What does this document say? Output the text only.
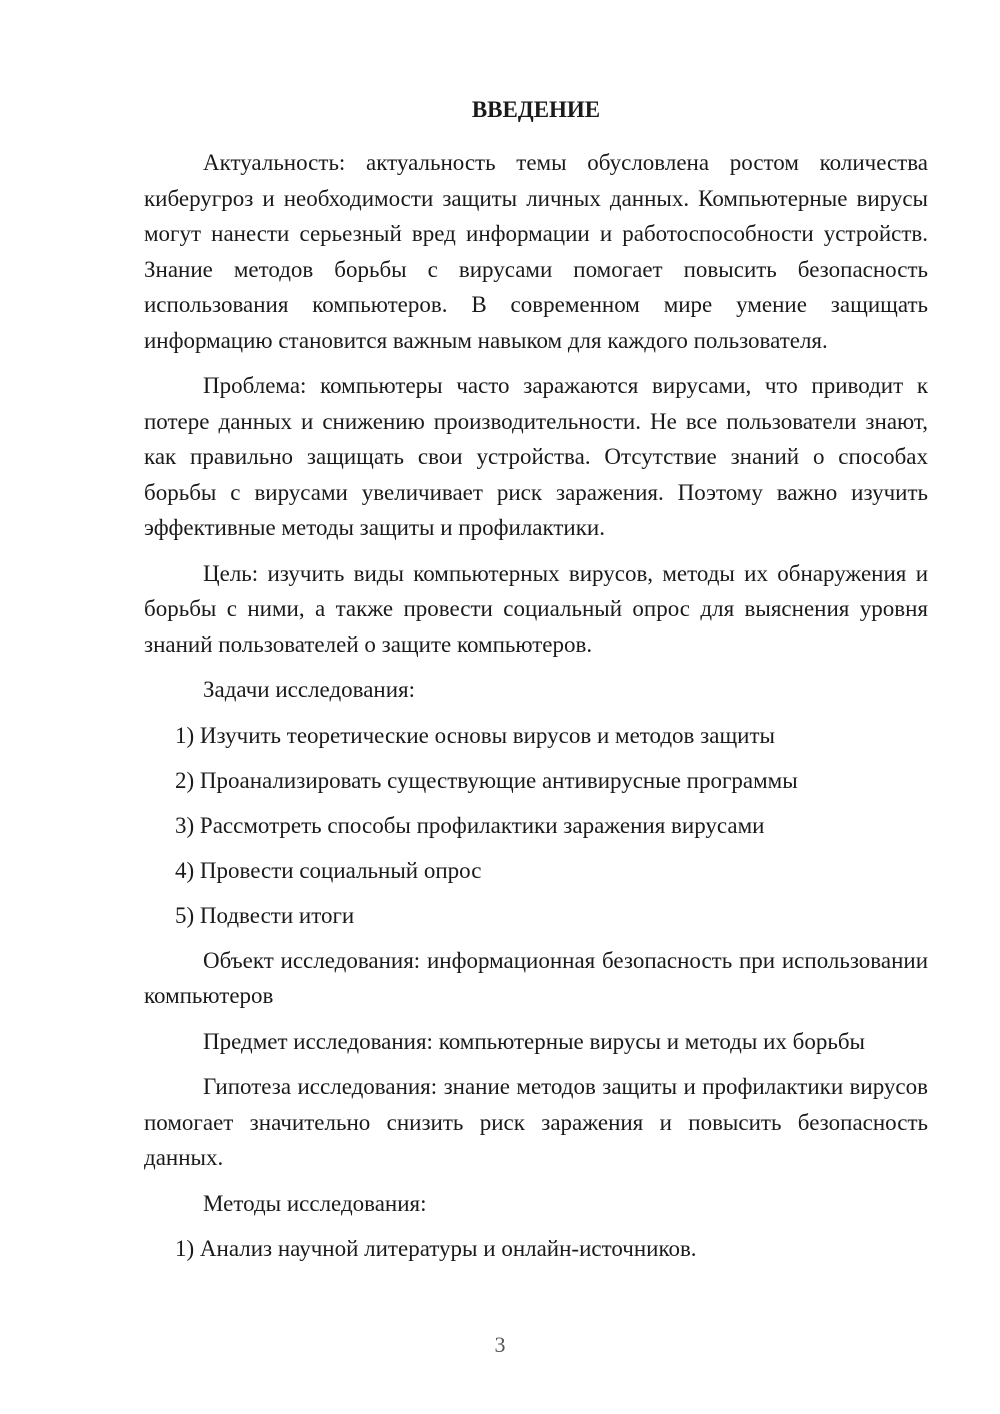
ВВЕДЕНИЕ

Актуальность: актуальность темы обусловлена ростом количества киберугроз и необходимости защиты личных данных. Компьютерные вирусы могут нанести серьезный вред информации и работоспособности устройств. Знание методов борьбы с вирусами помогает повысить безопасность использования компьютеров. В современном мире умение защищать информацию становится важным навыком для каждого пользователя.

Проблема: компьютеры часто заражаются вирусами, что приводит к потере данных и снижению производительности. Не все пользователи знают, как правильно защищать свои устройства. Отсутствие знаний о способах борьбы с вирусами увеличивает риск заражения. Поэтому важно изучить эффективные методы защиты и профилактики.

Цель: изучить виды компьютерных вирусов, методы их обнаружения и борьбы с ними, а также провести социальный опрос для выяснения уровня знаний пользователей о защите компьютеров.

Задачи исследования:

1) Изучить теоретические основы вирусов и методов защиты

2) Проанализировать существующие антивирусные программы

3) Рассмотреть способы профилактики заражения вирусами

4) Провести социальный опрос

5) Подвести итоги

Объект исследования: информационная безопасность при использовании компьютеров

Предмет исследования: компьютерные вирусы и методы их борьбы

Гипотеза исследования: знание методов защиты и профилактики вирусов помогает значительно снизить риск заражения и повысить безопасность данных.

Методы исследования:

1) Анализ научной литературы и онлайн-источников.

3
